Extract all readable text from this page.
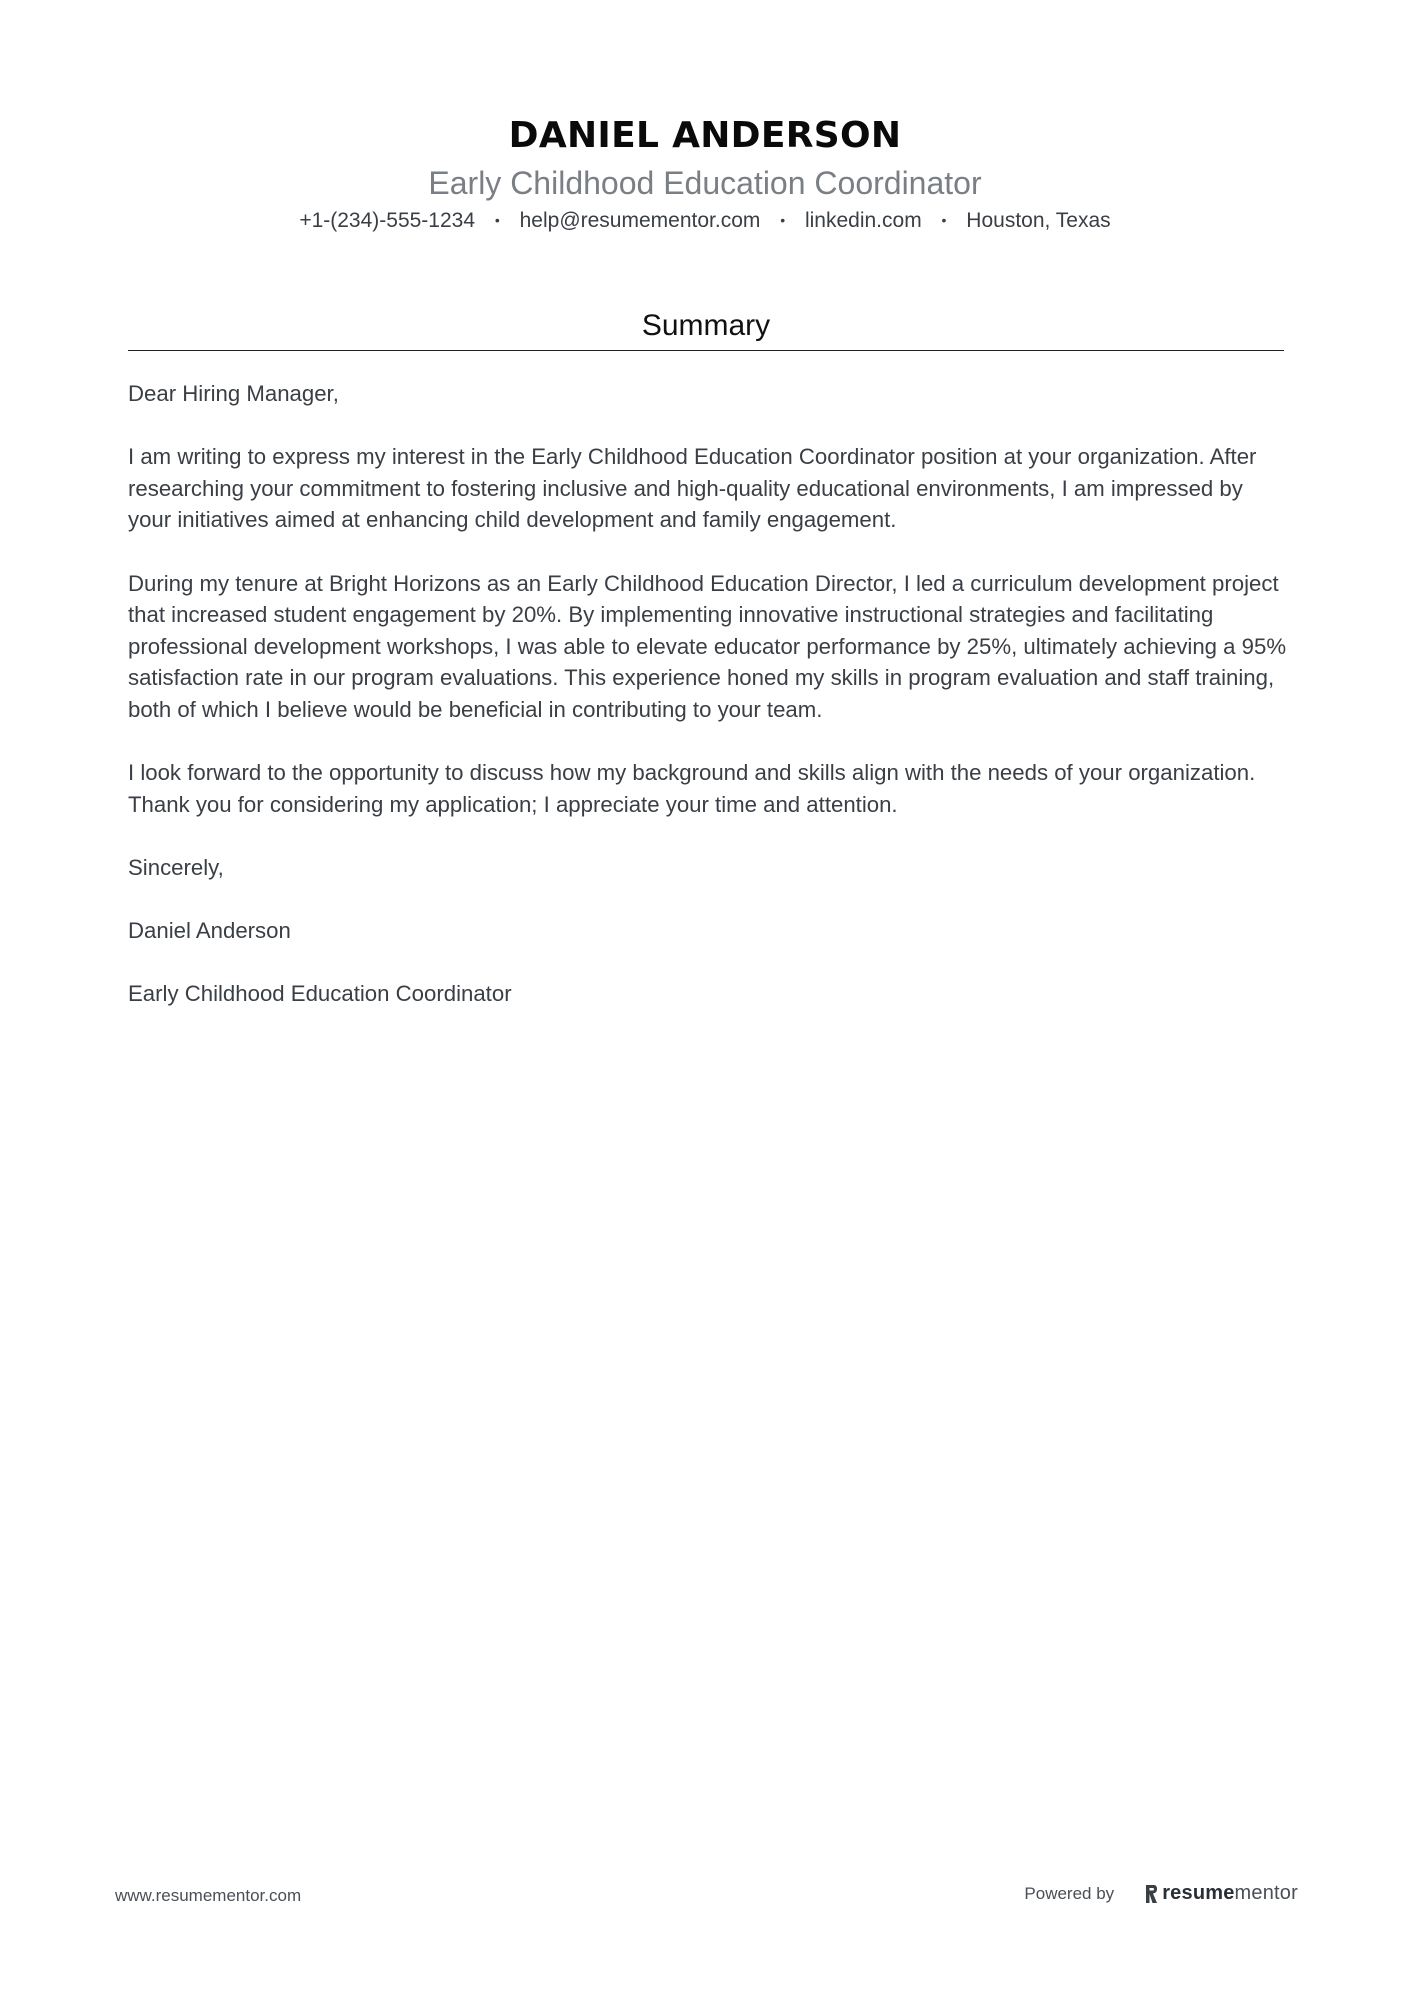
DANIEL ANDERSON
Early Childhood Education Coordinator
+1-(234)-555-1234 • help@resumementor.com • linkedin.com • Houston, Texas
Summary

Dear Hiring Manager,

I am writing to express my interest in the Early Childhood Education Coordinator position at your organization. After researching your commitment to fostering inclusive and high-quality educational environments, I am impressed by your initiatives aimed at enhancing child development and family engagement.

During my tenure at Bright Horizons as an Early Childhood Education Director, I led a curriculum development project that increased student engagement by 20%. By implementing innovative instructional strategies and facilitating professional development workshops, I was able to elevate educator performance by 25%, ultimately achieving a 95% satisfaction rate in our program evaluations. This experience honed my skills in program evaluation and staff training, both of which I believe would be beneficial in contributing to your team.

I look forward to the opportunity to discuss how my background and skills align with the needs of your organization. Thank you for considering my application; I appreciate your time and attention.

Sincerely,

Daniel Anderson

Early Childhood Education Coordinator

www.resumementor.com	Powered by resume mentor
